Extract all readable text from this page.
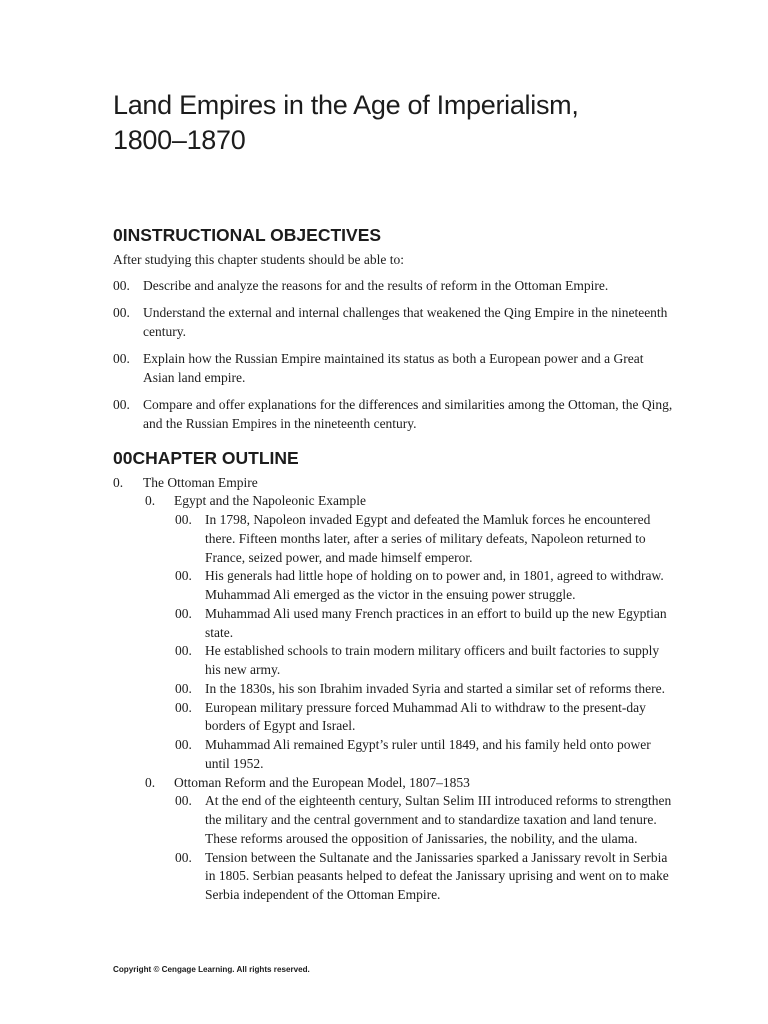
Land Empires in the Age of Imperialism,
1800–1870
0INSTRUCTIONAL OBJECTIVES
After studying this chapter students should be able to:
00. Describe and analyze the reasons for and the results of reform in the Ottoman Empire.
00. Understand the external and internal challenges that weakened the Qing Empire in the nineteenth
century.
00. Explain how the Russian Empire maintained its status as both a European power and a Great
Asian land empire.
00. Compare and offer explanations for the differences and similarities among the Ottoman, the Qing,
and the Russian Empires in the nineteenth century.
00CHAPTER OUTLINE
0. The Ottoman Empire
0. Egypt and the Napoleonic Example
00. In 1798, Napoleon invaded Egypt and defeated the Mamluk forces he encountered
there. Fifteen months later, after a series of military defeats, Napoleon returned to
France, seized power, and made himself emperor.
00. His generals had little hope of holding on to power and, in 1801, agreed to withdraw.
Muhammad Ali emerged as the victor in the ensuing power struggle.
00. Muhammad Ali used many French practices in an effort to build up the new Egyptian
state.
00. He established schools to train modern military officers and built factories to supply
his new army.
00. In the 1830s, his son Ibrahim invaded Syria and started a similar set of reforms there.
00. European military pressure forced Muhammad Ali to withdraw to the present-day
borders of Egypt and Israel.
00. Muhammad Ali remained Egypt’s ruler until 1849, and his family held onto power
until 1952.
0. Ottoman Reform and the European Model, 1807–1853
00. At the end of the eighteenth century, Sultan Selim III introduced reforms to strengthen
the military and the central government and to standardize taxation and land tenure.
These reforms aroused the opposition of Janissaries, the nobility, and the ulama.
00. Tension between the Sultanate and the Janissaries sparked a Janissary revolt in Serbia
in 1805. Serbian peasants helped to defeat the Janissary uprising and went on to make
Serbia independent of the Ottoman Empire.
Copyright © Cengage Learning. All rights reserved.
